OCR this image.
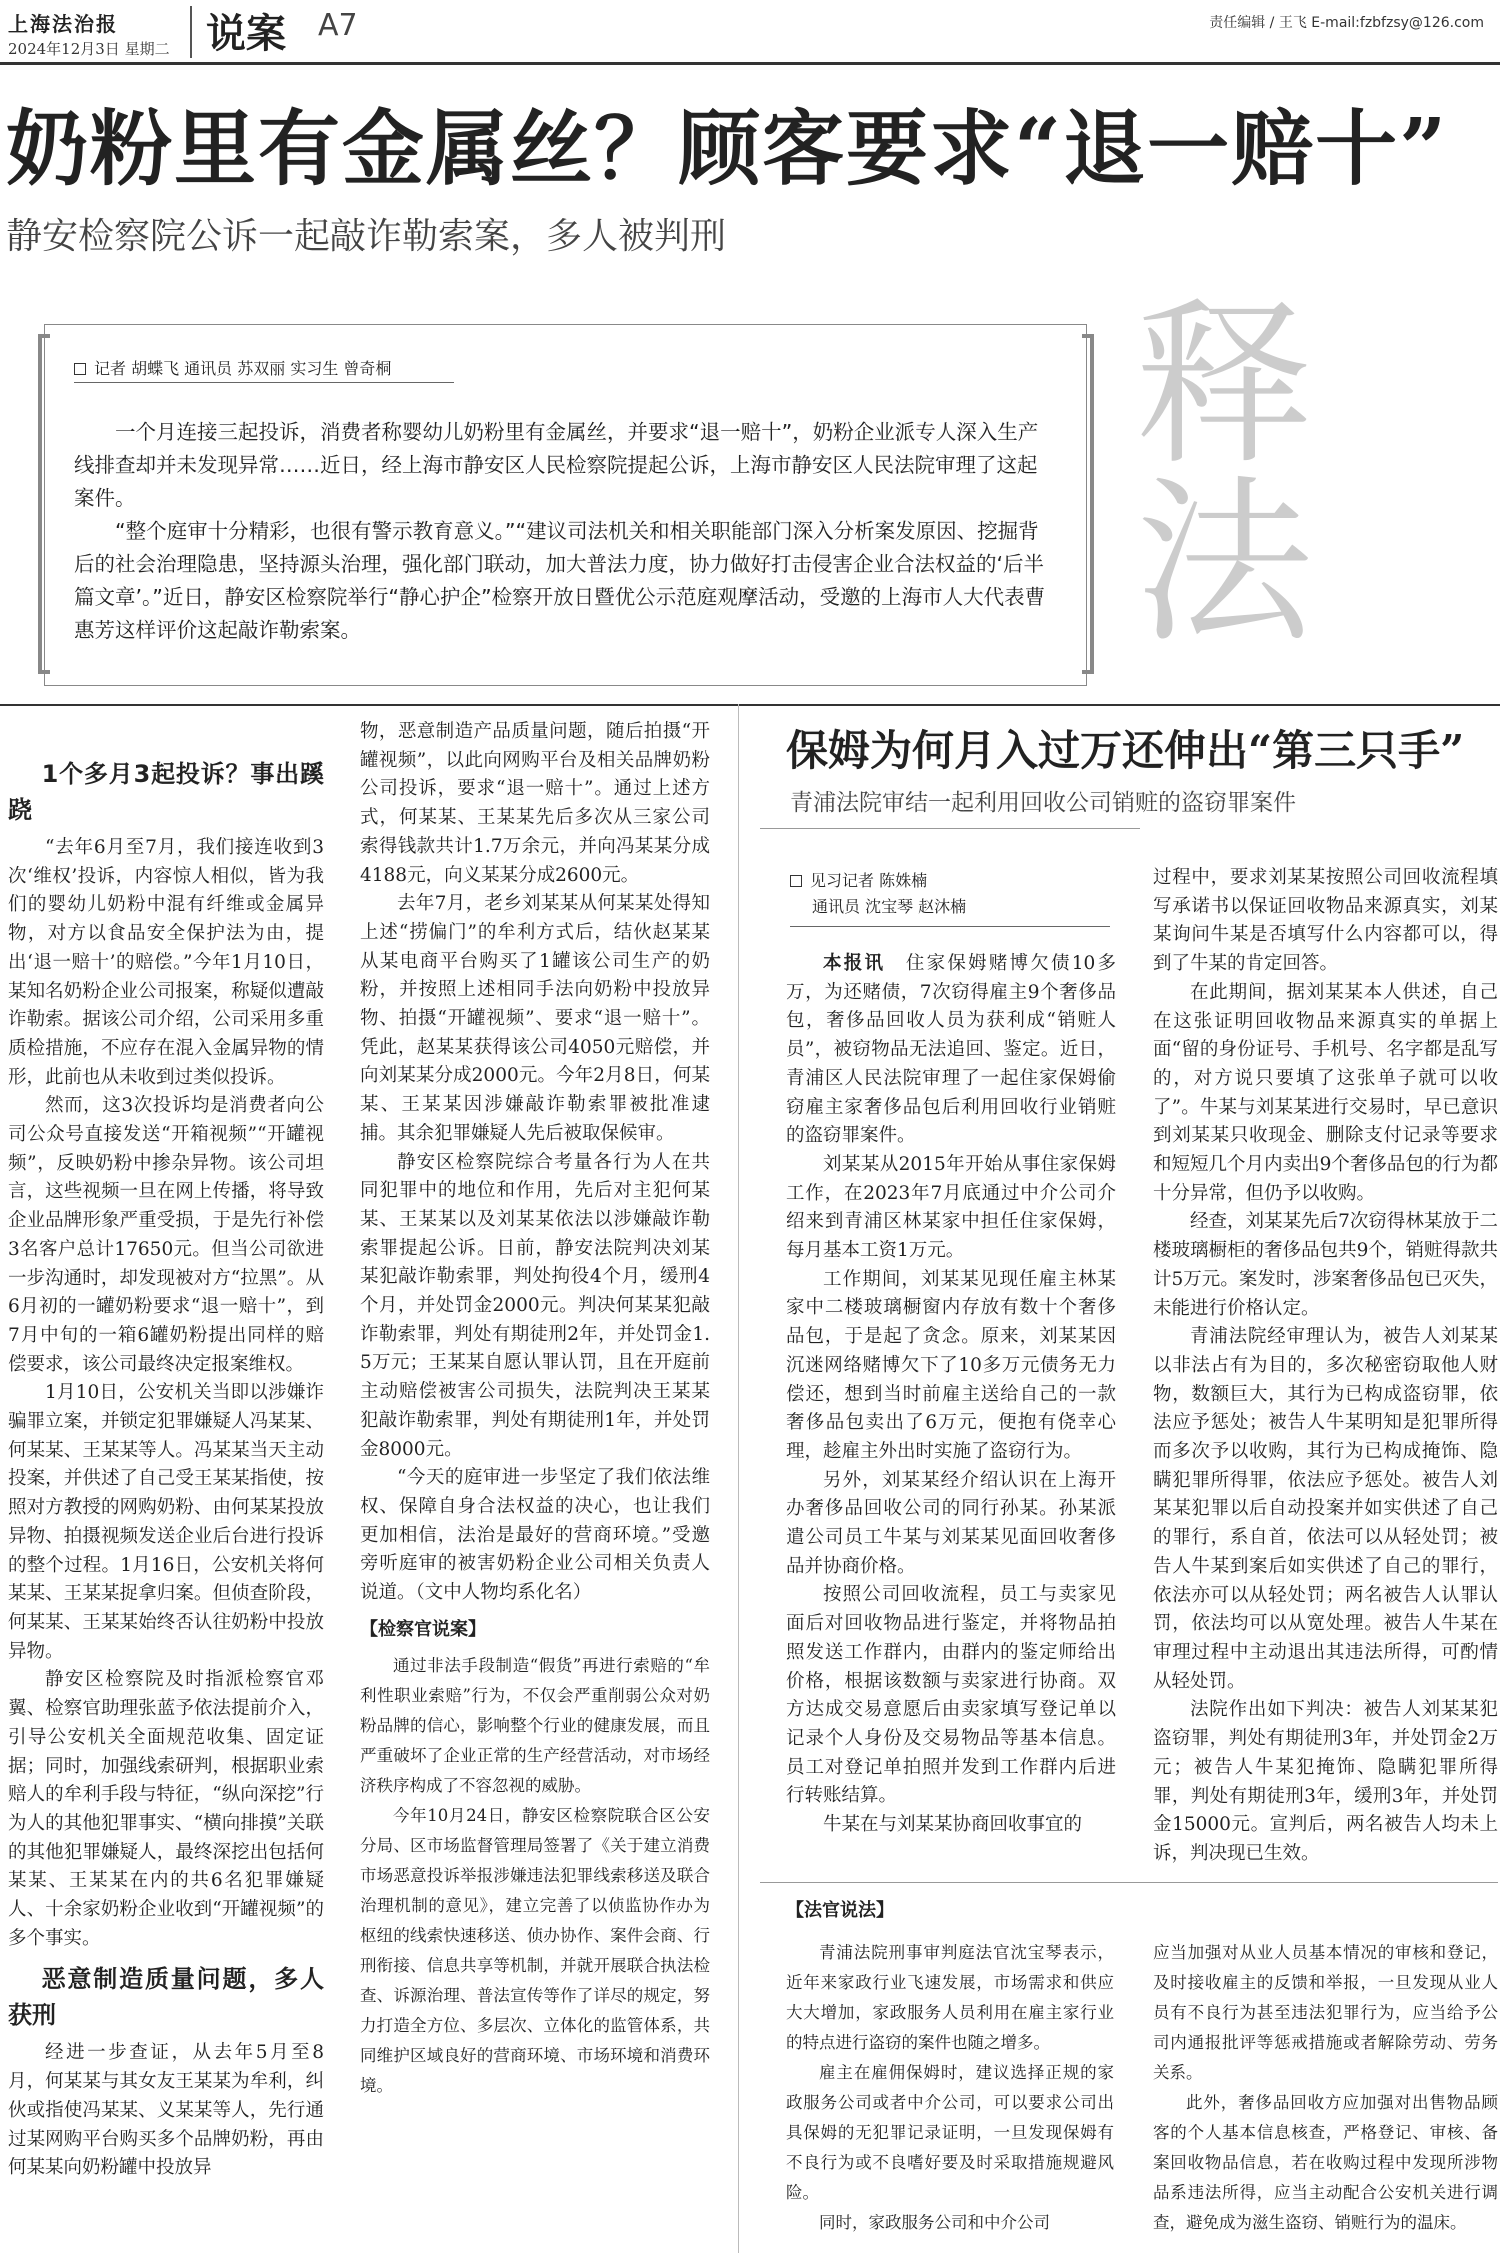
上海法治报
2024年12月3日 星期二 说案 A7	责任编辑 / 王飞 E-mail:fzbfzsy@126.com
奶粉里有金属丝？顾客要求“退一赔十”
静安检察院公诉一起敲诈勒索案，多人被判刑
记者 胡蝶飞 通讯员 苏双丽 实习生 曾奇桐

一个月连接三起投诉，消费者称婴幼儿奶粉里有金属丝，并要求“退一赔十”，奶粉企业派专人深入生产线排查却并未发现异常……近日，经上海市静安区人民检察院提起公诉，上海市静安区人民法院审理了这起案件。

“整个庭审十分精彩，也很有警示教育意义。”“建议司法机关和相关职能部门深入分析案发原因、挖掘背后的社会治理隐患，坚持源头治理，强化部门联动，加大普法力度，协力做好打击侵害企业合法权益的‘后半篇文章’。”近日，静安区检察院举行“静心护企”检察开放日暨优公示范庭观摩活动，受邀的上海市人大代表曹惠芳这样评价这起敲诈勒索案。	释法
1个多月3起投诉？事出蹊跷

“去年6月至7月，我们接连收到3次‘维权’投诉，内容惊人相似，皆为我们的婴幼儿奶粉中混有纤维或金属异物，对方以食品安全保护法为由，提出‘退一赔十’的赔偿。”今年1月10日，某知名奶粉企业公司报案，称疑似遭敲诈勒索。据该公司介绍，公司采用多重质检措施，不应存在混入金属异物的情形，此前也从未收到过类似投诉。

然而，这3次投诉均是消费者向公司公众号直接发送“开箱视频”“开罐视频”，反映奶粉中掺杂异物。该公司坦言，这些视频一旦在网上传播，将导致企业品牌形象严重受损，于是先行补偿3名客户总计17650元。但当公司欲进一步沟通时，却发现被对方“拉黑”。从6月初的一罐奶粉要求“退一赔十”，到7月中旬的一箱6罐奶粉提出同样的赔偿要求，该公司最终决定报案维权。

1月10日，公安机关当即以涉嫌诈骗罪立案，并锁定犯罪嫌疑人冯某某、何某某、王某某等人。冯某某当天主动投案，并供述了自己受王某某指使，按照对方教授的网购奶粉、由何某某投放异物、拍摄视频发送企业后台进行投诉的整个过程。1月16日，公安机关将何某某、王某某捉拿归案。但侦查阶段，何某某、王某某始终否认往奶粉中投放异物。

静安区检察院及时指派检察官邓翼、检察官助理张蓝予依法提前介入，引导公安机关全面规范收集、固定证据；同时，加强线索研判，根据职业索赔人的牟利手段与特征，“纵向深挖”行为人的其他犯罪事实、“横向排摸”关联的其他犯罪嫌疑人，最终深挖出包括何某某、王某某在内的共6名犯罪嫌疑人、十余家奶粉企业收到“开罐视频”的多个事实。

恶意制造质量问题，多人获刑

经进一步查证，从去年5月至8月，何某某与其女友王某某为牟利，纠伙或指使冯某某、义某某等人，先行通过某网购平台购买多个品牌奶粉，再由何某某向奶粉罐中投放异

物，恶意制造产品质量问题，随后拍摄“开罐视频”，以此向网购平台及相关品牌奶粉公司投诉，要求“退一赔十”。通过上述方式，何某某、王某某先后多次从三家公司索得钱款共计1.7万余元，并向冯某某分成4188元，向义某某分成2600元。

去年7月，老乡刘某某从何某某处得知上述“捞偏门”的牟利方式后，结伙赵某某从某电商平台购买了1罐该公司生产的奶粉，并按照上述相同手法向奶粉中投放异物、拍摄“开罐视频”、要求“退一赔十”。凭此，赵某某获得该公司4050元赔偿，并向刘某某分成2000元。今年2月8日，何某某、王某某因涉嫌敲诈勒索罪被批准逮捕。其余犯罪嫌疑人先后被取保候审。

静安区检察院综合考量各行为人在共同犯罪中的地位和作用，先后对主犯何某某、王某某以及刘某某依法以涉嫌敲诈勒索罪提起公诉。日前，静安法院判决刘某某犯敲诈勒索罪，判处拘役4个月，缓刑4个月，并处罚金2000元。判决何某某犯敲诈勒索罪，判处有期徒刑2年，并处罚金1.5万元；王某某自愿认罪认罚，且在开庭前主动赔偿被害公司损失，法院判决王某某犯敲诈勒索罪，判处有期徒刑1年，并处罚金8000元。

“今天的庭审进一步坚定了我们依法维权、保障自身合法权益的决心，也让我们更加相信，法治是最好的营商环境。”受邀旁听庭审的被害奶粉企业公司相关负责人说道。（文中人物均系化名）

【检察官说案】

通过非法手段制造“假货”再进行索赔的“牟利性职业索赔”行为，不仅会严重削弱公众对奶粉品牌的信心，影响整个行业的健康发展，而且严重破坏了企业正常的生产经营活动，对市场经济秩序构成了不容忽视的威胁。

今年10月24日，静安区检察院联合区公安分局、区市场监督管理局签署了《关于建立消费市场恶意投诉举报涉嫌违法犯罪线索移送及联合治理机制的意见》，建立完善了以侦监协作办为枢纽的线索快速移送、侦办协作、案件会商、行刑衔接、信息共享等机制，并就开展联合执法检查、诉源治理、普法宣传等作了详尽的规定，努力打造全方位、多层次、立体化的监管体系，共同维护区域良好的营商环境、市场环境和消费环境。

保姆为何月入过万还伸出“第三只手”
青浦法院审结一起利用回收公司销赃的盗窃罪案件
见习记者 陈姝楠
通讯员 沈宝琴 赵沐楠

本报讯　 住家保姆赌博欠债10多万，为还赌债，7次窃得雇主9个奢侈品包，奢侈品回收人员为获利成“销赃人员”，被窃物品无法追回、鉴定。近日，青浦区人民法院审理了一起住家保姆偷窃雇主家奢侈品包后利用回收行业销赃的盗窃罪案件。

刘某某从2015年开始从事住家保姆工作，在2023年7月底通过中介公司介绍来到青浦区林某家中担任住家保姆，每月基本工资1万元。

工作期间，刘某某见现任雇主林某家中二楼玻璃橱窗内存放有数十个奢侈品包，于是起了贪念。原来，刘某某因沉迷网络赌博欠下了10多万元债务无力偿还，想到当时前雇主送给自己的一款奢侈品包卖出了6万元，便抱有侥幸心理，趁雇主外出时实施了盗窃行为。

另外，刘某某经介绍认识在上海开办奢侈品回收公司的同行孙某。孙某派遣公司员工牛某与刘某某见面回收奢侈品并协商价格。

按照公司回收流程，员工与卖家见面后对回收物品进行鉴定，并将物品拍照发送工作群内，由群内的鉴定师给出价格，根据该数额与卖家进行协商。双方达成交易意愿后由卖家填写登记单以记录个人身份及交易物品等基本信息。员工对登记单拍照并发到工作群内后进行转账结算。

牛某在与刘某某协商回收事宜的

过程中，要求刘某某按照公司回收流程填写承诺书以保证回收物品来源真实，刘某某询问牛某是否填写什么内容都可以，得到了牛某的肯定回答。

在此期间，据刘某某本人供述，自己在这张证明回收物品来源真实的单据上面“留的身份证号、手机号、名字都是乱写的，对方说只要填了这张单子就可以收了”。牛某与刘某某进行交易时，早已意识到刘某某只收现金、删除支付记录等要求和短短几个月内卖出9个奢侈品包的行为都十分异常，但仍予以收购。

经查，刘某某先后7次窃得林某放于二楼玻璃橱柜的奢侈品包共9个，销赃得款共计5万元。案发时，涉案奢侈品包已灭失，未能进行价格认定。

青浦法院经审理认为，被告人刘某某以非法占有为目的，多次秘密窃取他人财物，数额巨大，其行为已构成盗窃罪，依法应予惩处；被告人牛某明知是犯罪所得而多次予以收购，其行为已构成掩饰、隐瞒犯罪所得罪，依法应予惩处。被告人刘某某犯罪以后自动投案并如实供述了自己的罪行，系自首，依法可以从轻处罚；被告人牛某到案后如实供述了自己的罪行，依法亦可以从轻处罚；两名被告人认罪认罚，依法均可以从宽处理。被告人牛某在审理过程中主动退出其违法所得，可酌情从轻处罚。

法院作出如下判决：被告人刘某某犯盗窃罪，判处有期徒刑3年，并处罚金2万元；被告人牛某犯掩饰、隐瞒犯罪所得罪，判处有期徒刑3年，缓刑3年，并处罚金15000元。宣判后，两名被告人均未上诉，判决现已生效。

【法官说法】

青浦法院刑事审判庭法官沈宝琴表示，近年来家政行业飞速发展，市场需求和供应大大增加，家政服务人员利用在雇主家行业的特点进行盗窃的案件也随之增多。

雇主在雇佣保姆时，建议选择正规的家政服务公司或者中介公司，可以要求公司出具保姆的无犯罪记录证明，一旦发现保姆有不良行为或不良嗜好要及时采取措施规避风险。

同时，家政服务公司和中介公司

应当加强对从业人员基本情况的审核和登记，及时接收雇主的反馈和举报，一旦发现从业人员有不良行为甚至违法犯罪行为，应当给予公司内通报批评等惩戒措施或者解除劳动、劳务关系。

此外，奢侈品回收方应加强对出售物品顾客的个人基本信息核查，严格登记、审核、备案回收物品信息，若在收购过程中发现所涉物品系违法所得，应当主动配合公安机关进行调查，避免成为滋生盗窃、销赃行为的温床。
